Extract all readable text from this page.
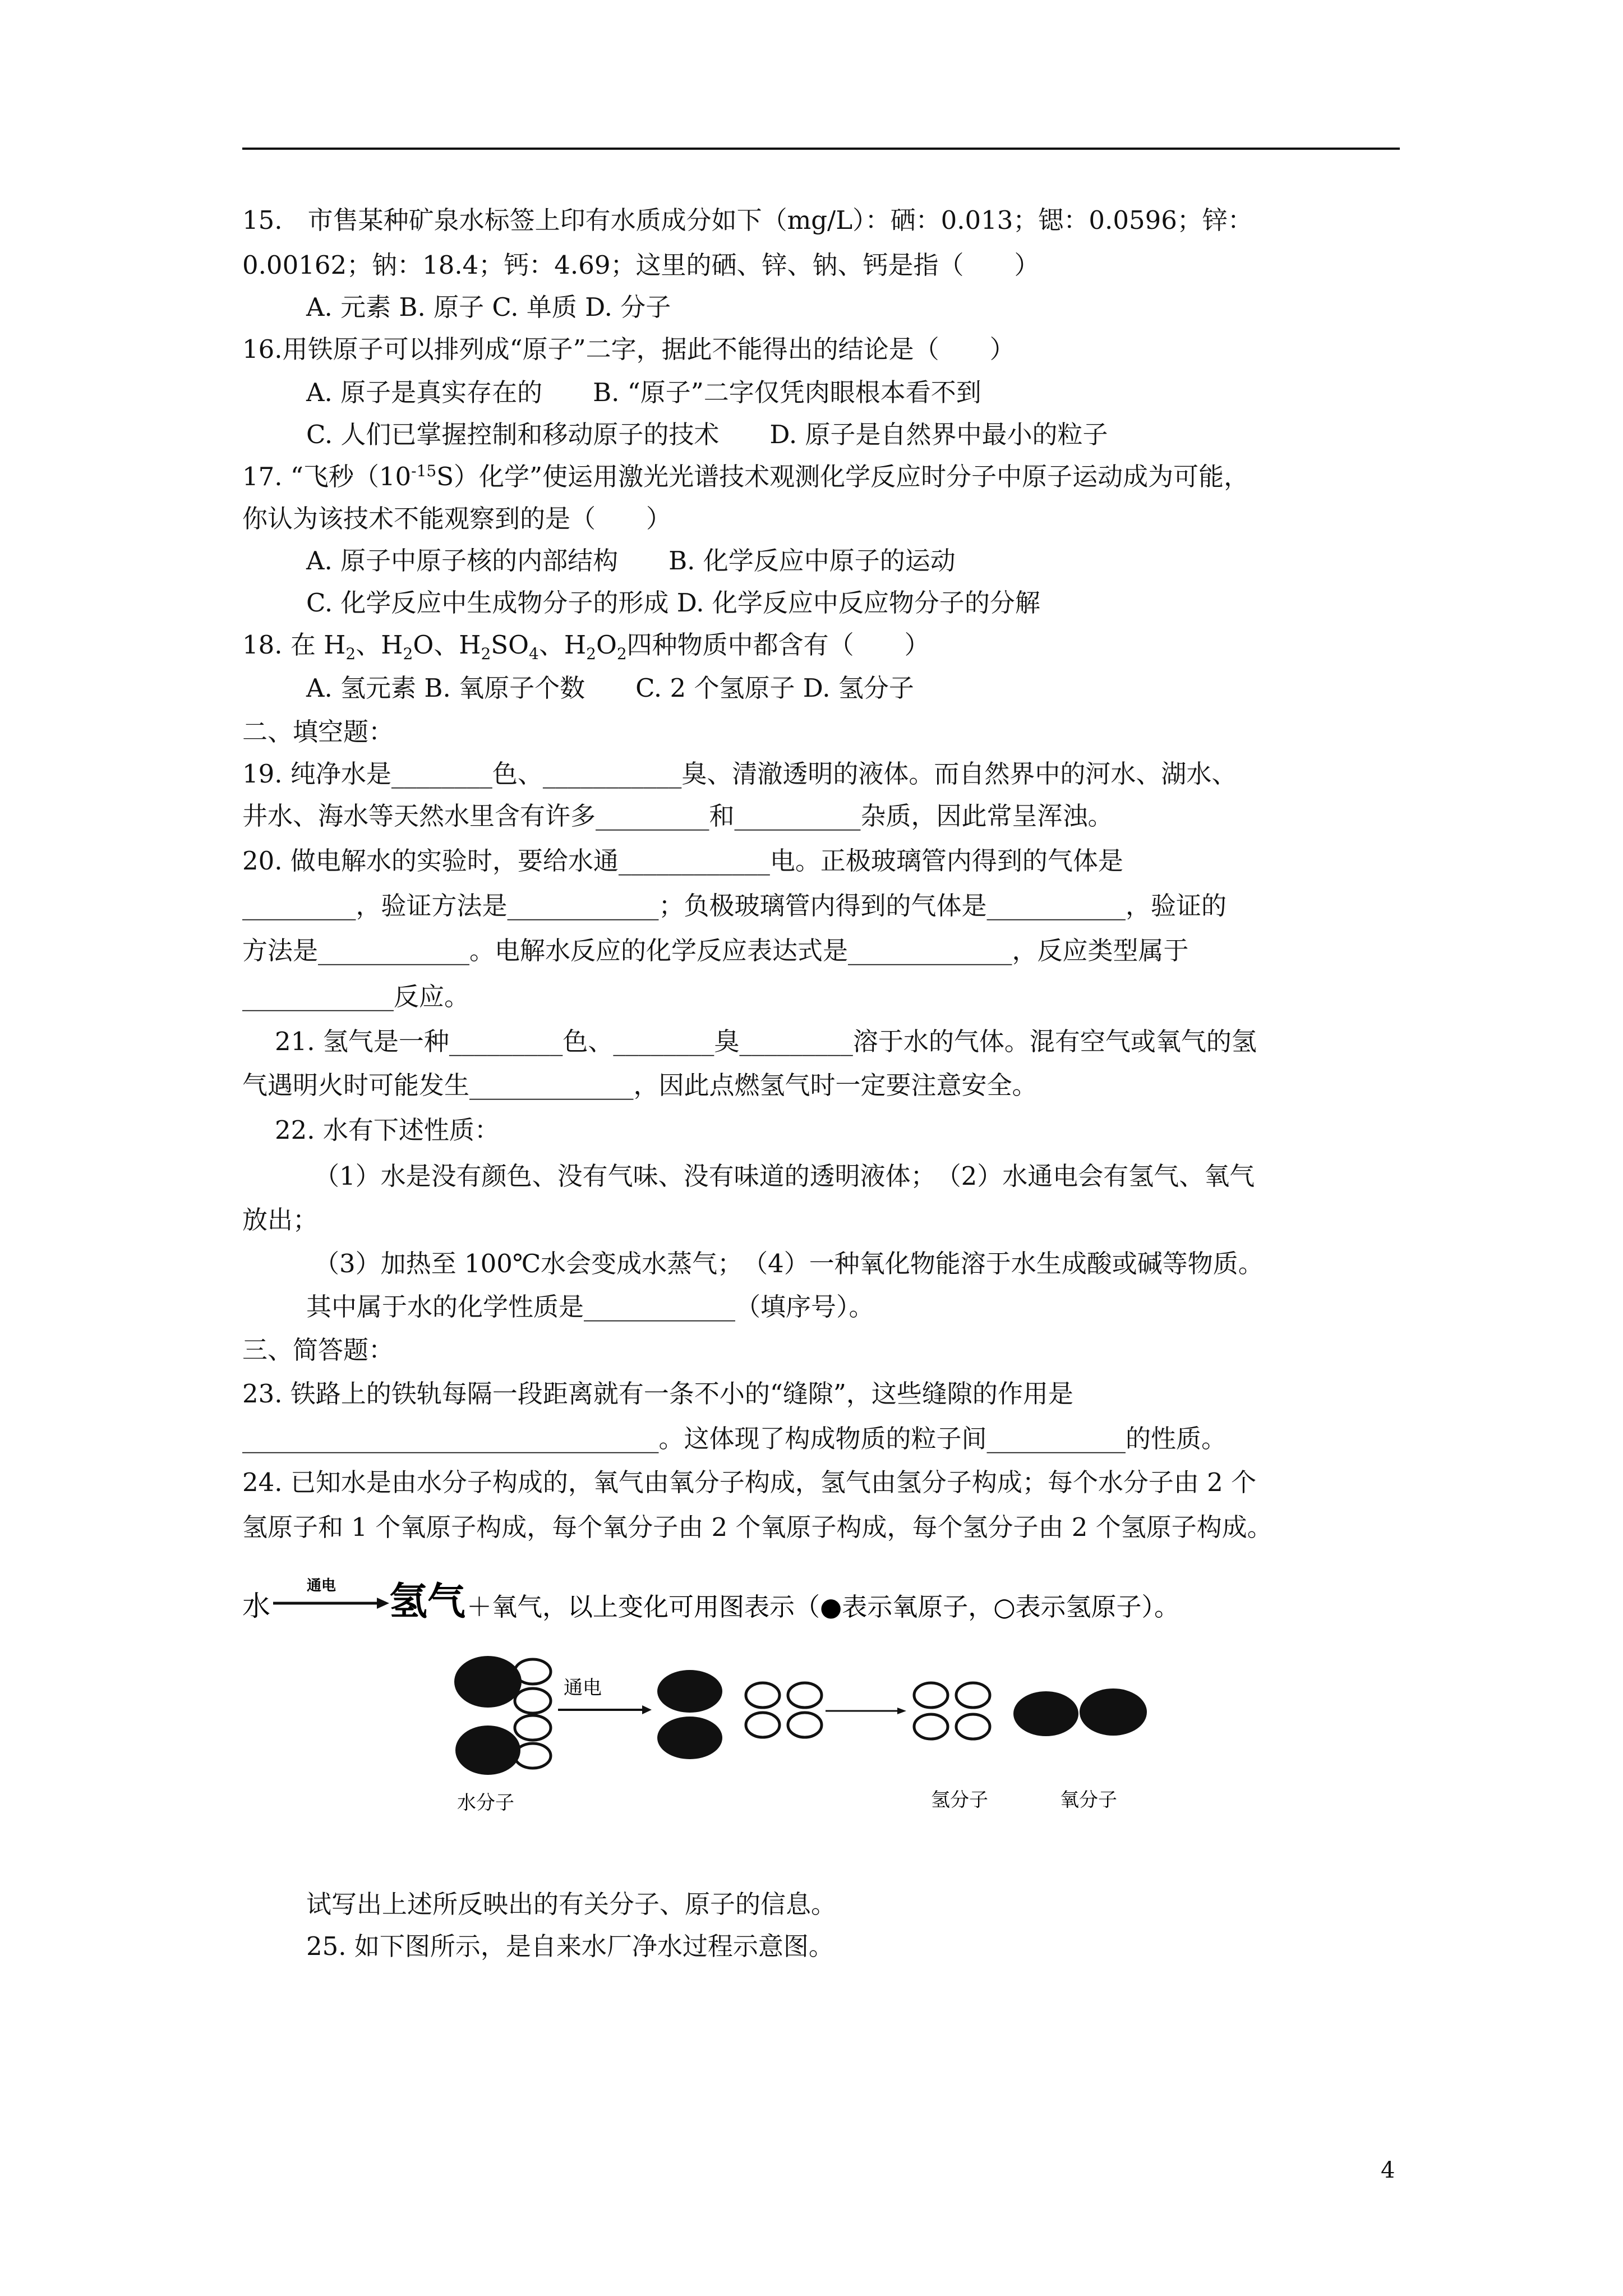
15.　市售某种矿泉水标签上印有水质成分如下（mg/L）：硒：0.013；锶：0.0596；锌：
0.00162；钠：18.4；钙：4.69；这里的硒、锌、钠、钙是指（　　）
A. 元素 B. 原子 C. 单质 D. 分子
16.用铁原子可以排列成“原子”二字，据此不能得出的结论是（　　）
A. 原子是真实存在的　　B. “原子”二字仅凭肉眼根本看不到
C. 人们已掌握控制和移动原子的技术　　D. 原子是自然界中最小的粒子
17. “飞秒$(10^{-15}S)$化学”使运用激光光谱技术观测化学反应时分子中原子运动成为可能，
你认为该技术不能观察到的是（　　）
A. 原子中原子核的内部结构　　B. 化学反应中原子的运动
C. 化学反应中生成物分子的形成 D. 化学反应中反应物分子的分解
18. 在 $H_2$、$H_2O$、$H_2SO_4$、$H_2O_2$四种物质中都含有（　　）
A. 氢元素 B. 氧原子个数　　C. 2 个氢原子 D. 氢分子
二、填空题：
19. 纯净水是________色、___________臭、清澈透明的液体。而自然界中的河水、湖水、
井水、海水等天然水里含有许多_________和__________杂质，因此常呈浑浊。
20. 做电解水的实验时，要给水通____________电。正极玻璃管内得到的气体是
_________，验证方法是____________；负极玻璃管内得到的气体是___________，验证的
方法是____________。电解水反应的化学反应表达式是_____________，反应类型属于
____________反应。
21. 氢气是一种_________色、________臭_________溶于水的气体。混有空气或氧气的氢
气遇明火时可能发生_____________，因此点燃氢气时一定要注意安全。
22. 水有下述性质：
（1）水是没有颜色、没有气味、没有味道的透明液体；　（2）水通电会有氢气、氧气
放出；
（3）加热至 100℃水会变成水蒸气；　（4）一种氧化物能溶于水生成酸或碱等物质。
其中属于水的化学性质是____________（填序号）。
三、简答题：
23. 铁路上的铁轨每隔一段距离就有一条不小的“缝隙”，这些缝隙的作用是
_________________________________。这体现了构成物质的粒子间___________的性质。
24. 已知水是由水分子构成的，氧气由氧分子构成，氢气由氢分子构成；每个水分子由 2 个
氢原子和 1 个氧原子构成，每个氧分子由 2 个氧原子构成，每个氢分子由 2 个氢原子构成。
水
通电 氢气 ＋氧气，以上变化可用图表示（●表示氧原子，○表示氢原子）。
通电
水分子	氢分子	氧分子
试写出上述所反映出的有关分子、原子的信息。
25. 如下图所示，是自来水厂净水过程示意图。
4
